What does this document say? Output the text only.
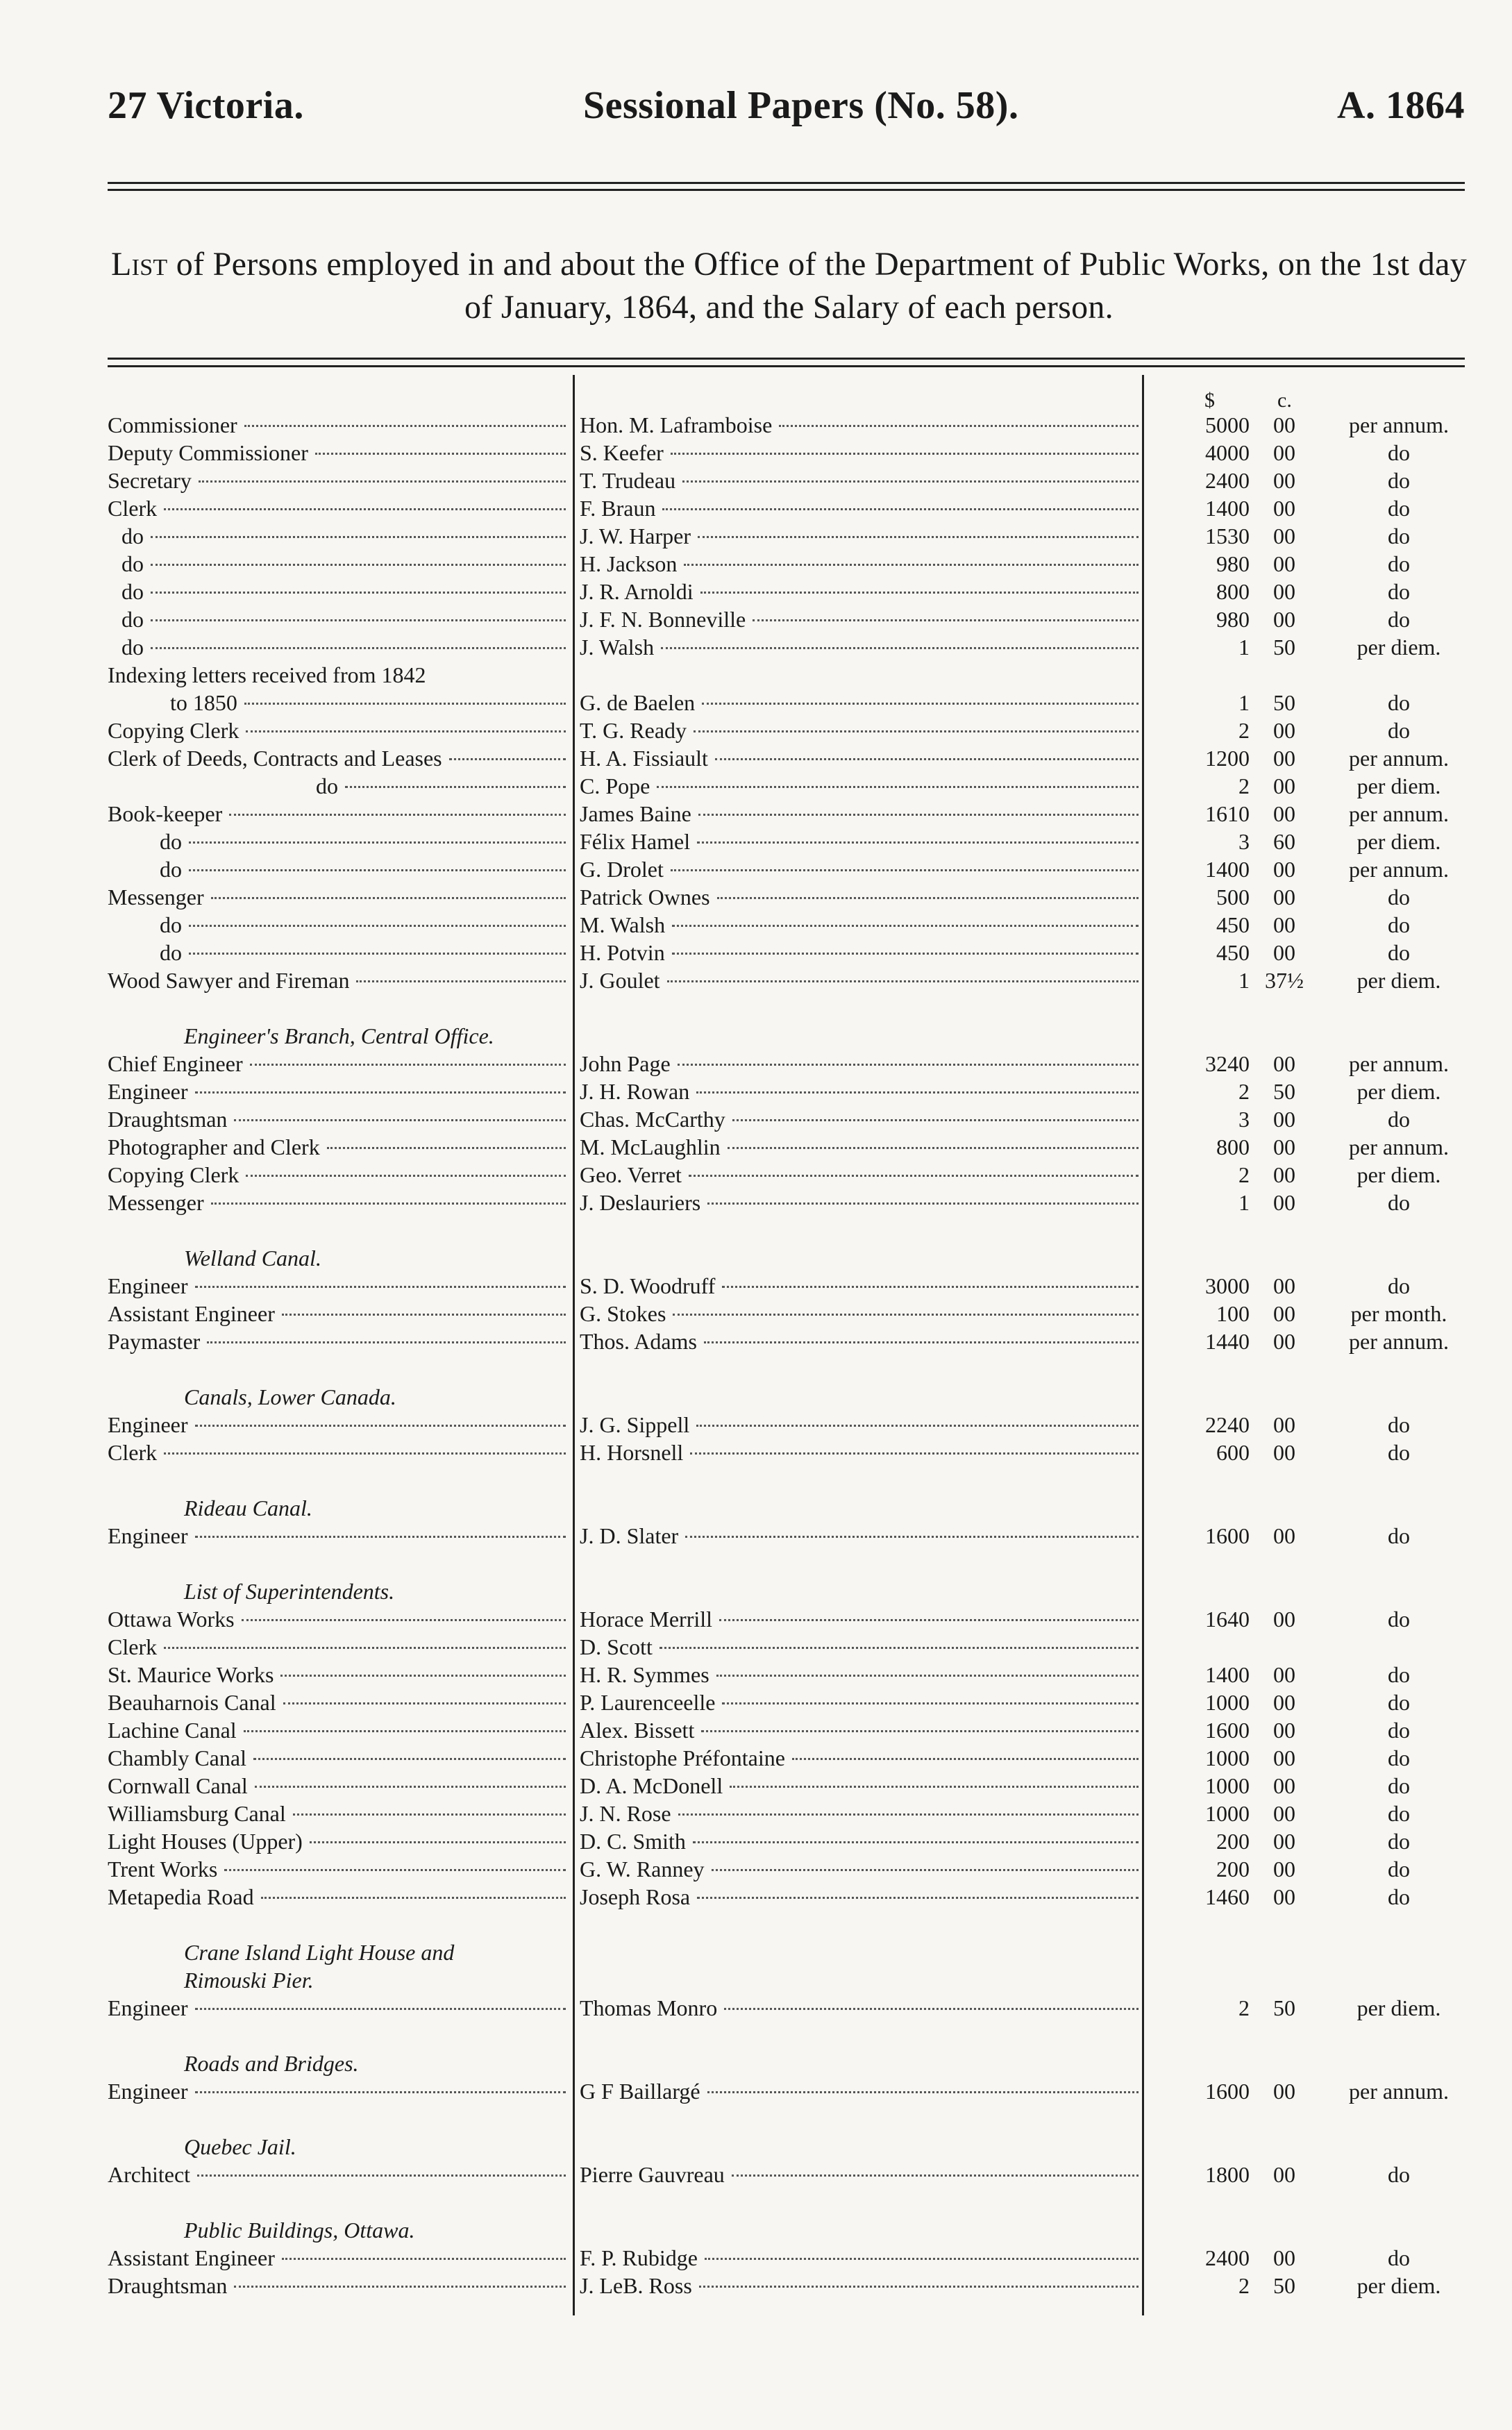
27 Victoria.	Sessional Papers (No. 58).	A. 1864
List of Persons employed in and about the Office of the Department of Public Works, on the 1st day of January, 1864, and the Salary of each person.
$	c.
Commissioner	Hon. M. Laframboise	5000	00	per annum.
Deputy Commissioner	S. Keefer	4000	00	do
Secretary	T. Trudeau	2400	00	do
Clerk	F. Braun	1400	00	do
do	J. W. Harper	1530	00	do
do	H. Jackson	980	00	do
do	J. R. Arnoldi	800	00	do
do	J. F. N. Bonneville	980	00	do
do	J. Walsh	1	50	per diem.
Indexing letters received from 1842
to 1850	G. de Baelen	1	50	do
Copying Clerk	T. G. Ready	2	00	do
Clerk of Deeds, Contracts and Leases	H. A. Fissiault	1200	00	per annum.
do	C. Pope	2	00	per diem.
Book-keeper	James Baine	1610	00	per annum.
do	Félix Hamel	3	60	per diem.
do	G. Drolet	1400	00	per annum.
Messenger	Patrick Ownes	500	00	do
do	M. Walsh	450	00	do
do	H. Potvin	450	00	do
Wood Sawyer and Fireman	J. Goulet	1 37½	per diem.
Engineer's Branch, Central Office.
Chief Engineer	John Page	3240	00	per annum.
Engineer	J. H. Rowan	2	50	per diem.
Draughtsman	Chas. McCarthy	3	00	do
Photographer and Clerk	M. McLaughlin	800	00	per annum.
Copying Clerk	Geo. Verret	2	00	per diem.
Messenger	J. Deslauriers	1	00	do
Welland Canal.
Engineer	S. D. Woodruff	3000	00	do
Assistant Engineer	G. Stokes	100	00	per month.
Paymaster	Thos. Adams	1440	00	per annum.
Canals, Lower Canada.
Engineer	J. G. Sippell	2240	00	do
Clerk	H. Horsnell	600	00	do
Rideau Canal.
Engineer	J. D. Slater	1600	00	do
List of Superintendents.
Ottawa Works	Horace Merrill	1640	00	do
Clerk	D. Scott
St. Maurice Works	H. R. Symmes	1400	00	do
Beauharnois Canal	P. Laurenceelle	1000	00	do
Lachine Canal	Alex. Bissett	1600	00	do
Chambly Canal	Christophe Préfontaine	1000	00	do
Cornwall Canal	D. A. McDonell	1000	00	do
Williamsburg Canal	J. N. Rose	1000	00	do
Light Houses (Upper)	D. C. Smith	200	00	do
Trent Works	G. W. Ranney	200	00	do
Metapedia Road	Joseph Rosa	1460	00	do
Crane Island Light House and
Rimouski Pier.
Engineer	Thomas Monro	2	50	per diem.
Roads and Bridges.
Engineer	G F Baillargé	1600	00	per annum.
Quebec Jail.
Architect	Pierre Gauvreau	1800	00	do
Public Buildings, Ottawa.
Assistant Engineer	F. P. Rubidge	2400	00	do
Draughtsman	J. LeB. Ross	2	50	per diem.
